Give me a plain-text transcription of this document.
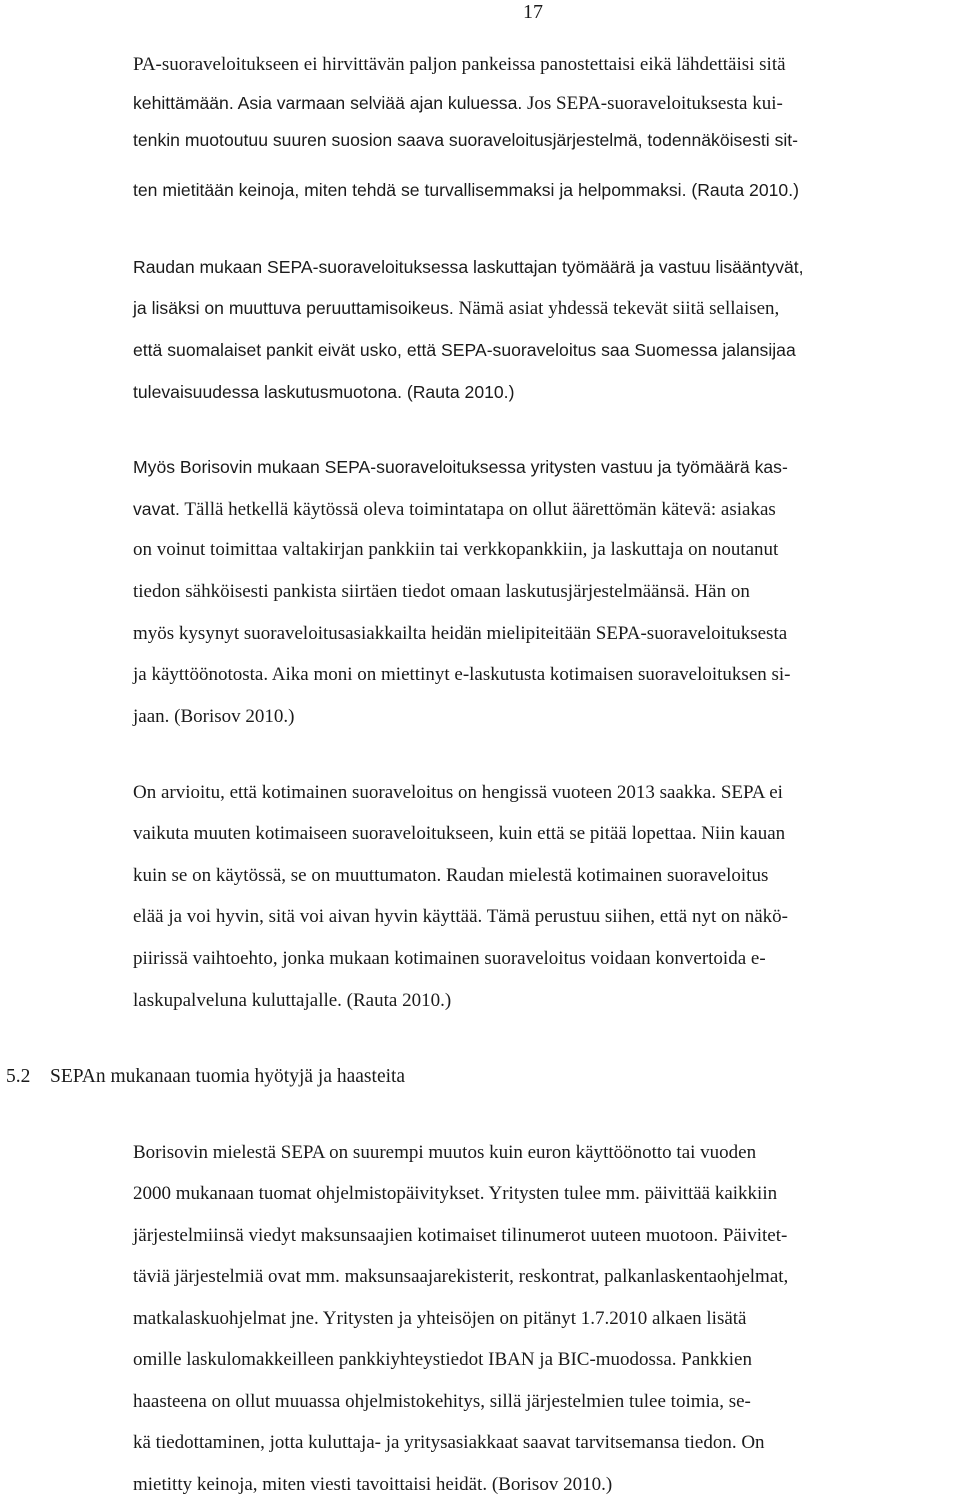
17
PA-suoraveloitukseen ei hirvittävän paljon pankeissa panostettaisi eikä lähdettäisi sitä
kehittämään. Asia varmaan selviää ajan kuluessa. Jos SEPA-suoraveloituksesta kui-
tenkin muotoutuu suuren suosion saava suoraveloitusjärjestelmä, todennäköisesti sit-
ten mietitään keinoja, miten tehdä se turvallisemmaksi ja helpommaksi. (Rauta 2010.)
Raudan mukaan SEPA-suoraveloituksessa laskuttajan työmäärä ja vastuu lisääntyvät,
ja lisäksi on muuttuva peruuttamisoikeus. Nämä asiat yhdessä tekevät siitä sellaisen,
että suomalaiset pankit eivät usko, että SEPA-suoraveloitus saa Suomessa jalansijaa
tulevaisuudessa laskutusmuotona. (Rauta 2010.)
Myös Borisovin mukaan SEPA-suoraveloituksessa yritysten vastuu ja työmäärä kas-
vavat. Tällä hetkellä käytössä oleva toimintatapa on ollut äärettömän kätevä: asiakas
on voinut toimittaa valtakirjan pankkiin tai verkkopankkiin, ja laskuttaja on noutanut
tiedon sähköisesti pankista siirtäen tiedot omaan laskutusjärjestelmäänsä. Hän on
myös kysynyt suoraveloitusasiakkailta heidän mielipiteitään SEPA-suoraveloituksesta
ja käyttöönotosta. Aika moni on miettinyt e-laskutusta kotimaisen suoraveloituksen si-
jaan. (Borisov 2010.)
On arvioitu, että kotimainen suoraveloitus on hengissä vuoteen 2013 saakka. SEPA ei
vaikuta muuten kotimaiseen suoraveloitukseen, kuin että se pitää lopettaa. Niin kauan
kuin se on käytössä, se on muuttumaton. Raudan mielestä kotimainen suoraveloitus
elää ja voi hyvin, sitä voi aivan hyvin käyttää. Tämä perustuu siihen, että nyt on näkö-
piirissä vaihtoehto, jonka mukaan kotimainen suoraveloitus voidaan konvertoida e-
laskupalveluna kuluttajalle. (Rauta 2010.)
5.2 SEPAn mukanaan tuomia hyötyjä ja haasteita
Borisovin mielestä SEPA on suurempi muutos kuin euron käyttöönotto tai vuoden
2000 mukanaan tuomat ohjelmistopäivitykset. Yritysten tulee mm. päivittää kaikkiin
järjestelmiinsä viedyt maksunsaajien kotimaiset tilinumerot uuteen muotoon. Päivitet-
täviä järjestelmiä ovat mm. maksunsaajarekisterit, reskontrat, palkanlaskentaohjelmat,
matkalaskuohjelmat jne. Yritysten ja yhteisöjen on pitänyt 1.7.2010 alkaen lisätä
omille laskulomakkeilleen pankkiyhteystiedot IBAN ja BIC-muodossa. Pankkien
haasteena on ollut muuassa ohjelmistokehitys, sillä järjestelmien tulee toimia, se-
kä tiedottaminen, jotta kuluttaja- ja yritysasiakkaat saavat tarvitsemansa tiedon. On
mietitty keinoja, miten viesti tavoittaisi heidät. (Borisov 2010.)
